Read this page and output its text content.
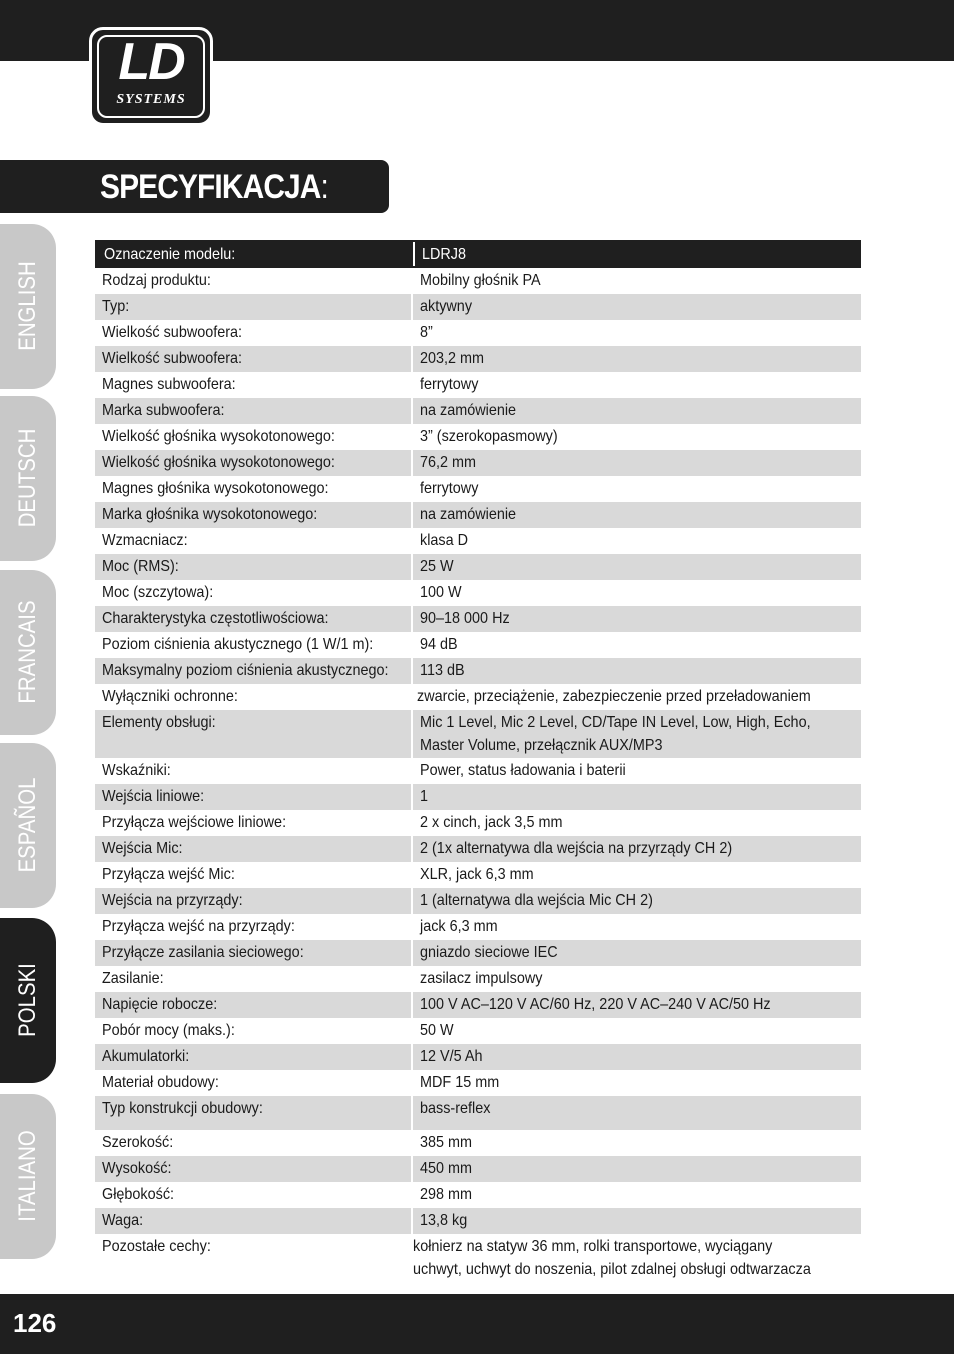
LD
SYSTEMS
SPECYFIKACJA:
ENGLISH
DEUTSCH
FRANCAIS
ESPAÑOL
POLSKI
ITALIANO
Oznaczenie modelu:	LDRJ8
Rodzaj produktu:	Mobilny głośnik PA
Typ:	aktywny
Wielkość subwoofera:	8”
Wielkość subwoofera:	203,2 mm
Magnes subwoofera:	ferrytowy
Marka subwoofera:	na zamówienie
Wielkość głośnika wysokotonowego:	3” (szerokopasmowy)
Wielkość głośnika wysokotonowego:	76,2 mm
Magnes głośnika wysokotonowego:	ferrytowy
Marka głośnika wysokotonowego:	na zamówienie
Wzmacniacz:	klasa D
Moc (RMS):	25 W
Moc (szczytowa):	100 W
Charakterystyka częstotliwościowa:	90–18 000 Hz
Poziom ciśnienia akustycznego (1 W/1 m):	94 dB
Maksymalny poziom ciśnienia akustycznego:	113 dB
Wyłączniki ochronne:	zwarcie, przeciążenie, zabezpieczenie przed przeładowaniem
Elementy obsługi:	Mic 1 Level, Mic 2 Level, CD/Tape IN Level, Low, High, Echo,
Master Volume, przełącznik AUX/MP3
Wskaźniki:	Power, status ładowania i baterii
Wejścia liniowe:	1
Przyłącza wejściowe liniowe:	2 x cinch, jack 3,5 mm
Wejścia Mic:	2 (1x alternatywa dla wejścia na przyrządy CH 2)
Przyłącza wejść Mic:	XLR, jack 6,3 mm
Wejścia na przyrządy:	1 (alternatywa dla wejścia Mic CH 2)
Przyłącza wejść na przyrządy:	jack 6,3 mm
Przyłącze zasilania sieciowego:	gniazdo sieciowe IEC
Zasilanie:	zasilacz impulsowy
Napięcie robocze:	100 V AC–120 V AC/60 Hz, 220 V AC–240 V AC/50 Hz
Pobór mocy (maks.):	50 W
Akumulatorki:	12 V/5 Ah
Materiał obudowy:	MDF 15 mm
Typ konstrukcji obudowy:	bass-reflex
Szerokość:	385 mm
Wysokość:	450 mm
Głębokość:	298 mm
Waga:	13,8 kg
Pozostałe cechy:	kołnierz na statyw 36 mm, rolki transportowe, wyciągany
uchwyt, uchwyt do noszenia, pilot zdalnej obsługi odtwarzacza
126
